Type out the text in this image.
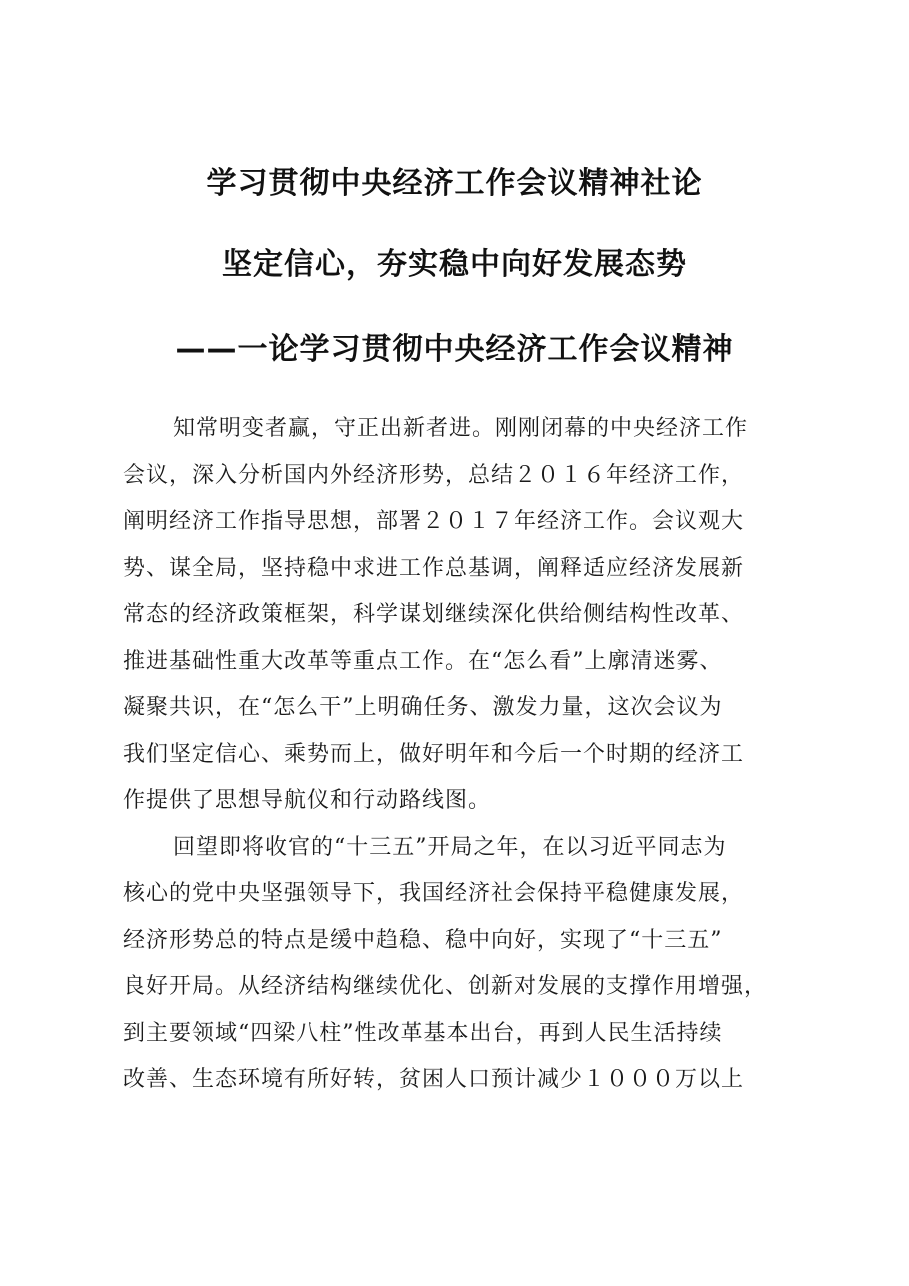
学习贯彻中央经济工作会议精神社论
坚定信心，夯实稳中向好发展态势
——一论学习贯彻中央经济工作会议精神
知常明变者赢，守正出新者进。刚刚闭幕的中央经济工作
会议，深入分析国内外经济形势，总结２０１６年经济工作，
阐明经济工作指导思想，部署２０１７年经济工作。会议观大
势、谋全局，坚持稳中求进工作总基调，阐释适应经济发展新
常态的经济政策框架，科学谋划继续深化供给侧结构性改革、
推进基础性重大改革等重点工作。在“怎么看”上廓清迷雾、
凝聚共识，在“怎么干”上明确任务、激发力量，这次会议为
我们坚定信心、乘势而上，做好明年和今后一个时期的经济工
作提供了思想导航仪和行动路线图。
回望即将收官的“十三五”开局之年，在以习近平同志为
核心的党中央坚强领导下，我国经济社会保持平稳健康发展，
经济形势总的特点是缓中趋稳、稳中向好，实现了“十三五”
良好开局。从经济结构继续优化、创新对发展的支撑作用增强，
到主要领域“四梁八柱”性改革基本出台，再到人民生活持续
改善、生态环境有所好转，贫困人口预计减少１０００万以上
